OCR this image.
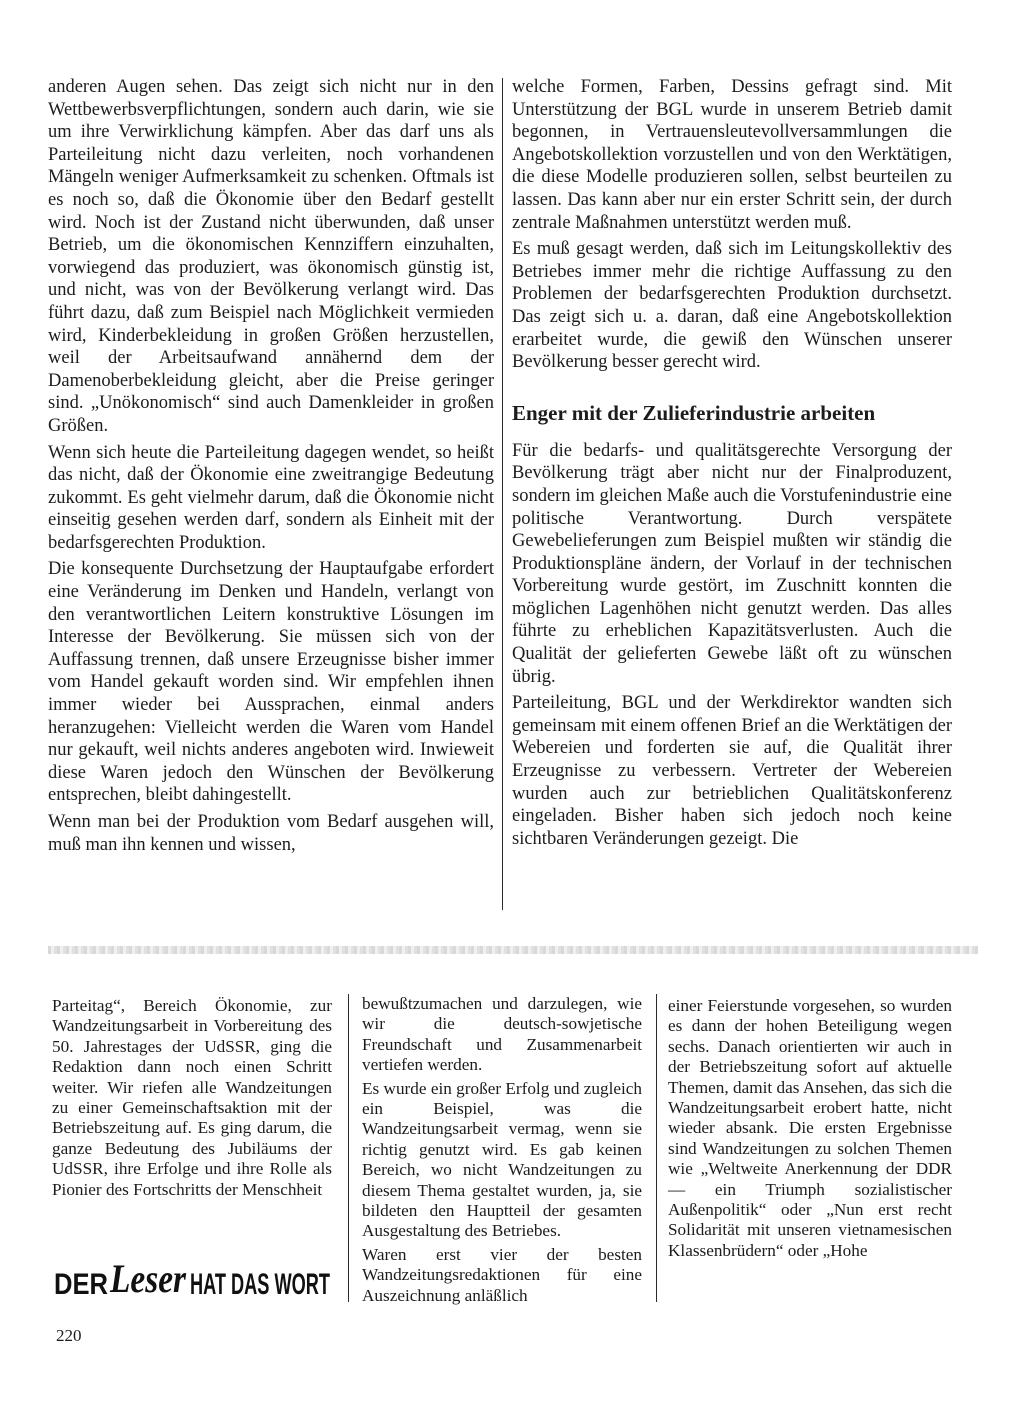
anderen Augen sehen. Das zeigt sich nicht nur in den Wettbewerbsverpflichtungen, sondern auch darin, wie sie um ihre Verwirklichung kämpfen. Aber das darf uns als Parteileitung nicht dazu verleiten, noch vorhandenen Mängeln weniger Aufmerksamkeit zu schenken. Oftmals ist es noch so, daß die Ökonomie über den Bedarf gestellt wird. Noch ist der Zustand nicht überwunden, daß unser Betrieb, um die ökonomischen Kennziffern einzuhalten, vorwiegend das produziert, was ökonomisch günstig ist, und nicht, was von der Bevölkerung verlangt wird. Das führt dazu, daß zum Beispiel nach Möglichkeit vermieden wird, Kinderbekleidung in großen Größen herzustellen, weil der Arbeitsaufwand annähernd dem der Damenoberbekleidung gleicht, aber die Preise geringer sind. „Unökonomisch“ sind auch Damenkleider in großen Größen.

Wenn sich heute die Parteileitung dagegen wendet, so heißt das nicht, daß der Ökonomie eine zweitrangige Bedeutung zukommt. Es geht vielmehr darum, daß die Ökonomie nicht einseitig gesehen werden darf, sondern als Einheit mit der bedarfsgerechten Produktion.

Die konsequente Durchsetzung der Hauptaufgabe erfordert eine Veränderung im Denken und Handeln, verlangt von den verantwortlichen Leitern konstruktive Lösungen im Interesse der Bevölkerung. Sie müssen sich von der Auffassung trennen, daß unsere Erzeugnisse bisher immer vom Handel gekauft worden sind. Wir empfehlen ihnen immer wieder bei Aussprachen, einmal anders heranzugehen: Vielleicht werden die Waren vom Handel nur gekauft, weil nichts anderes angeboten wird. Inwieweit diese Waren jedoch den Wünschen der Bevölkerung entsprechen, bleibt dahingestellt.

Wenn man bei der Produktion vom Bedarf ausgehen will, muß man ihn kennen und wissen,

welche Formen, Farben, Dessins gefragt sind. Mit Unterstützung der BGL wurde in unserem Betrieb damit begonnen, in Vertrauensleutevollversammlungen die Angebotskollektion vorzustellen und von den Werktätigen, die diese Modelle produzieren sollen, selbst beurteilen zu lassen. Das kann aber nur ein erster Schritt sein, der durch zentrale Maßnahmen unterstützt werden muß.

Es muß gesagt werden, daß sich im Leitungskollektiv des Betriebes immer mehr die richtige Auffassung zu den Problemen der bedarfsgerechten Produktion durchsetzt. Das zeigt sich u. a. daran, daß eine Angebotskollektion erarbeitet wurde, die gewiß den Wünschen unserer Bevölkerung besser gerecht wird.

Enger mit der Zulieferindustrie arbeiten

Für die bedarfs- und qualitätsgerechte Versorgung der Bevölkerung trägt aber nicht nur der Finalproduzent, sondern im gleichen Maße auch die Vorstufenindustrie eine politische Verantwortung. Durch verspätete Gewebelieferungen zum Beispiel mußten wir ständig die Produktionspläne ändern, der Vorlauf in der technischen Vorbereitung wurde gestört, im Zuschnitt konnten die möglichen Lagenhöhen nicht genutzt werden. Das alles führte zu erheblichen Kapazitätsverlusten. Auch die Qualität der gelieferten Gewebe läßt oft zu wünschen übrig.

Parteileitung, BGL und der Werkdirektor wandten sich gemeinsam mit einem offenen Brief an die Werktätigen der Webereien und forderten sie auf, die Qualität ihrer Erzeugnisse zu verbessern. Vertreter der Webereien wurden auch zur betrieblichen Qualitätskonferenz eingeladen. Bisher haben sich jedoch noch keine sichtbaren Veränderungen gezeigt. Die

Parteitag“, Bereich Ökonomie, zur Wandzeitungsarbeit in Vorbereitung des 50. Jahrestages der UdSSR, ging die Redaktion dann noch einen Schritt weiter. Wir riefen alle Wandzeitungen zu einer Gemeinschaftsaktion mit der Betriebszeitung auf. Es ging darum, die ganze Bedeutung des Jubiläums der UdSSR, ihre Erfolge und ihre Rolle als Pionier des Fortschritts der Menschheit

bewußtzumachen und darzulegen, wie wir die deutsch-sowjetische Freundschaft und Zusammenarbeit vertiefen werden.

Es wurde ein großer Erfolg und zugleich ein Beispiel, was die Wandzeitungsarbeit vermag, wenn sie richtig genutzt wird. Es gab keinen Bereich, wo nicht Wandzeitungen zu diesem Thema gestaltet wurden, ja, sie bildeten den Hauptteil der gesamten Ausgestaltung des Betriebes.

Waren erst vier der besten Wandzeitungsredaktionen für eine Auszeichnung anläßlich

einer Feierstunde vorgesehen, so wurden es dann der hohen Beteiligung wegen sechs. Danach orientierten wir auch in der Betriebszeitung sofort auf aktuelle Themen, damit das Ansehen, das sich die Wandzeitungsarbeit erobert hatte, nicht wieder absank. Die ersten Ergebnisse sind Wandzeitungen zu solchen Themen wie „Weltweite Anerkennung der DDR — ein Triumph sozialistischer Außenpolitik“ oder „Nun erst recht Solidarität mit unseren vietnamesischen Klassenbrüdern“ oder „Hohe

DER Leser HAT DAS WORT
220
